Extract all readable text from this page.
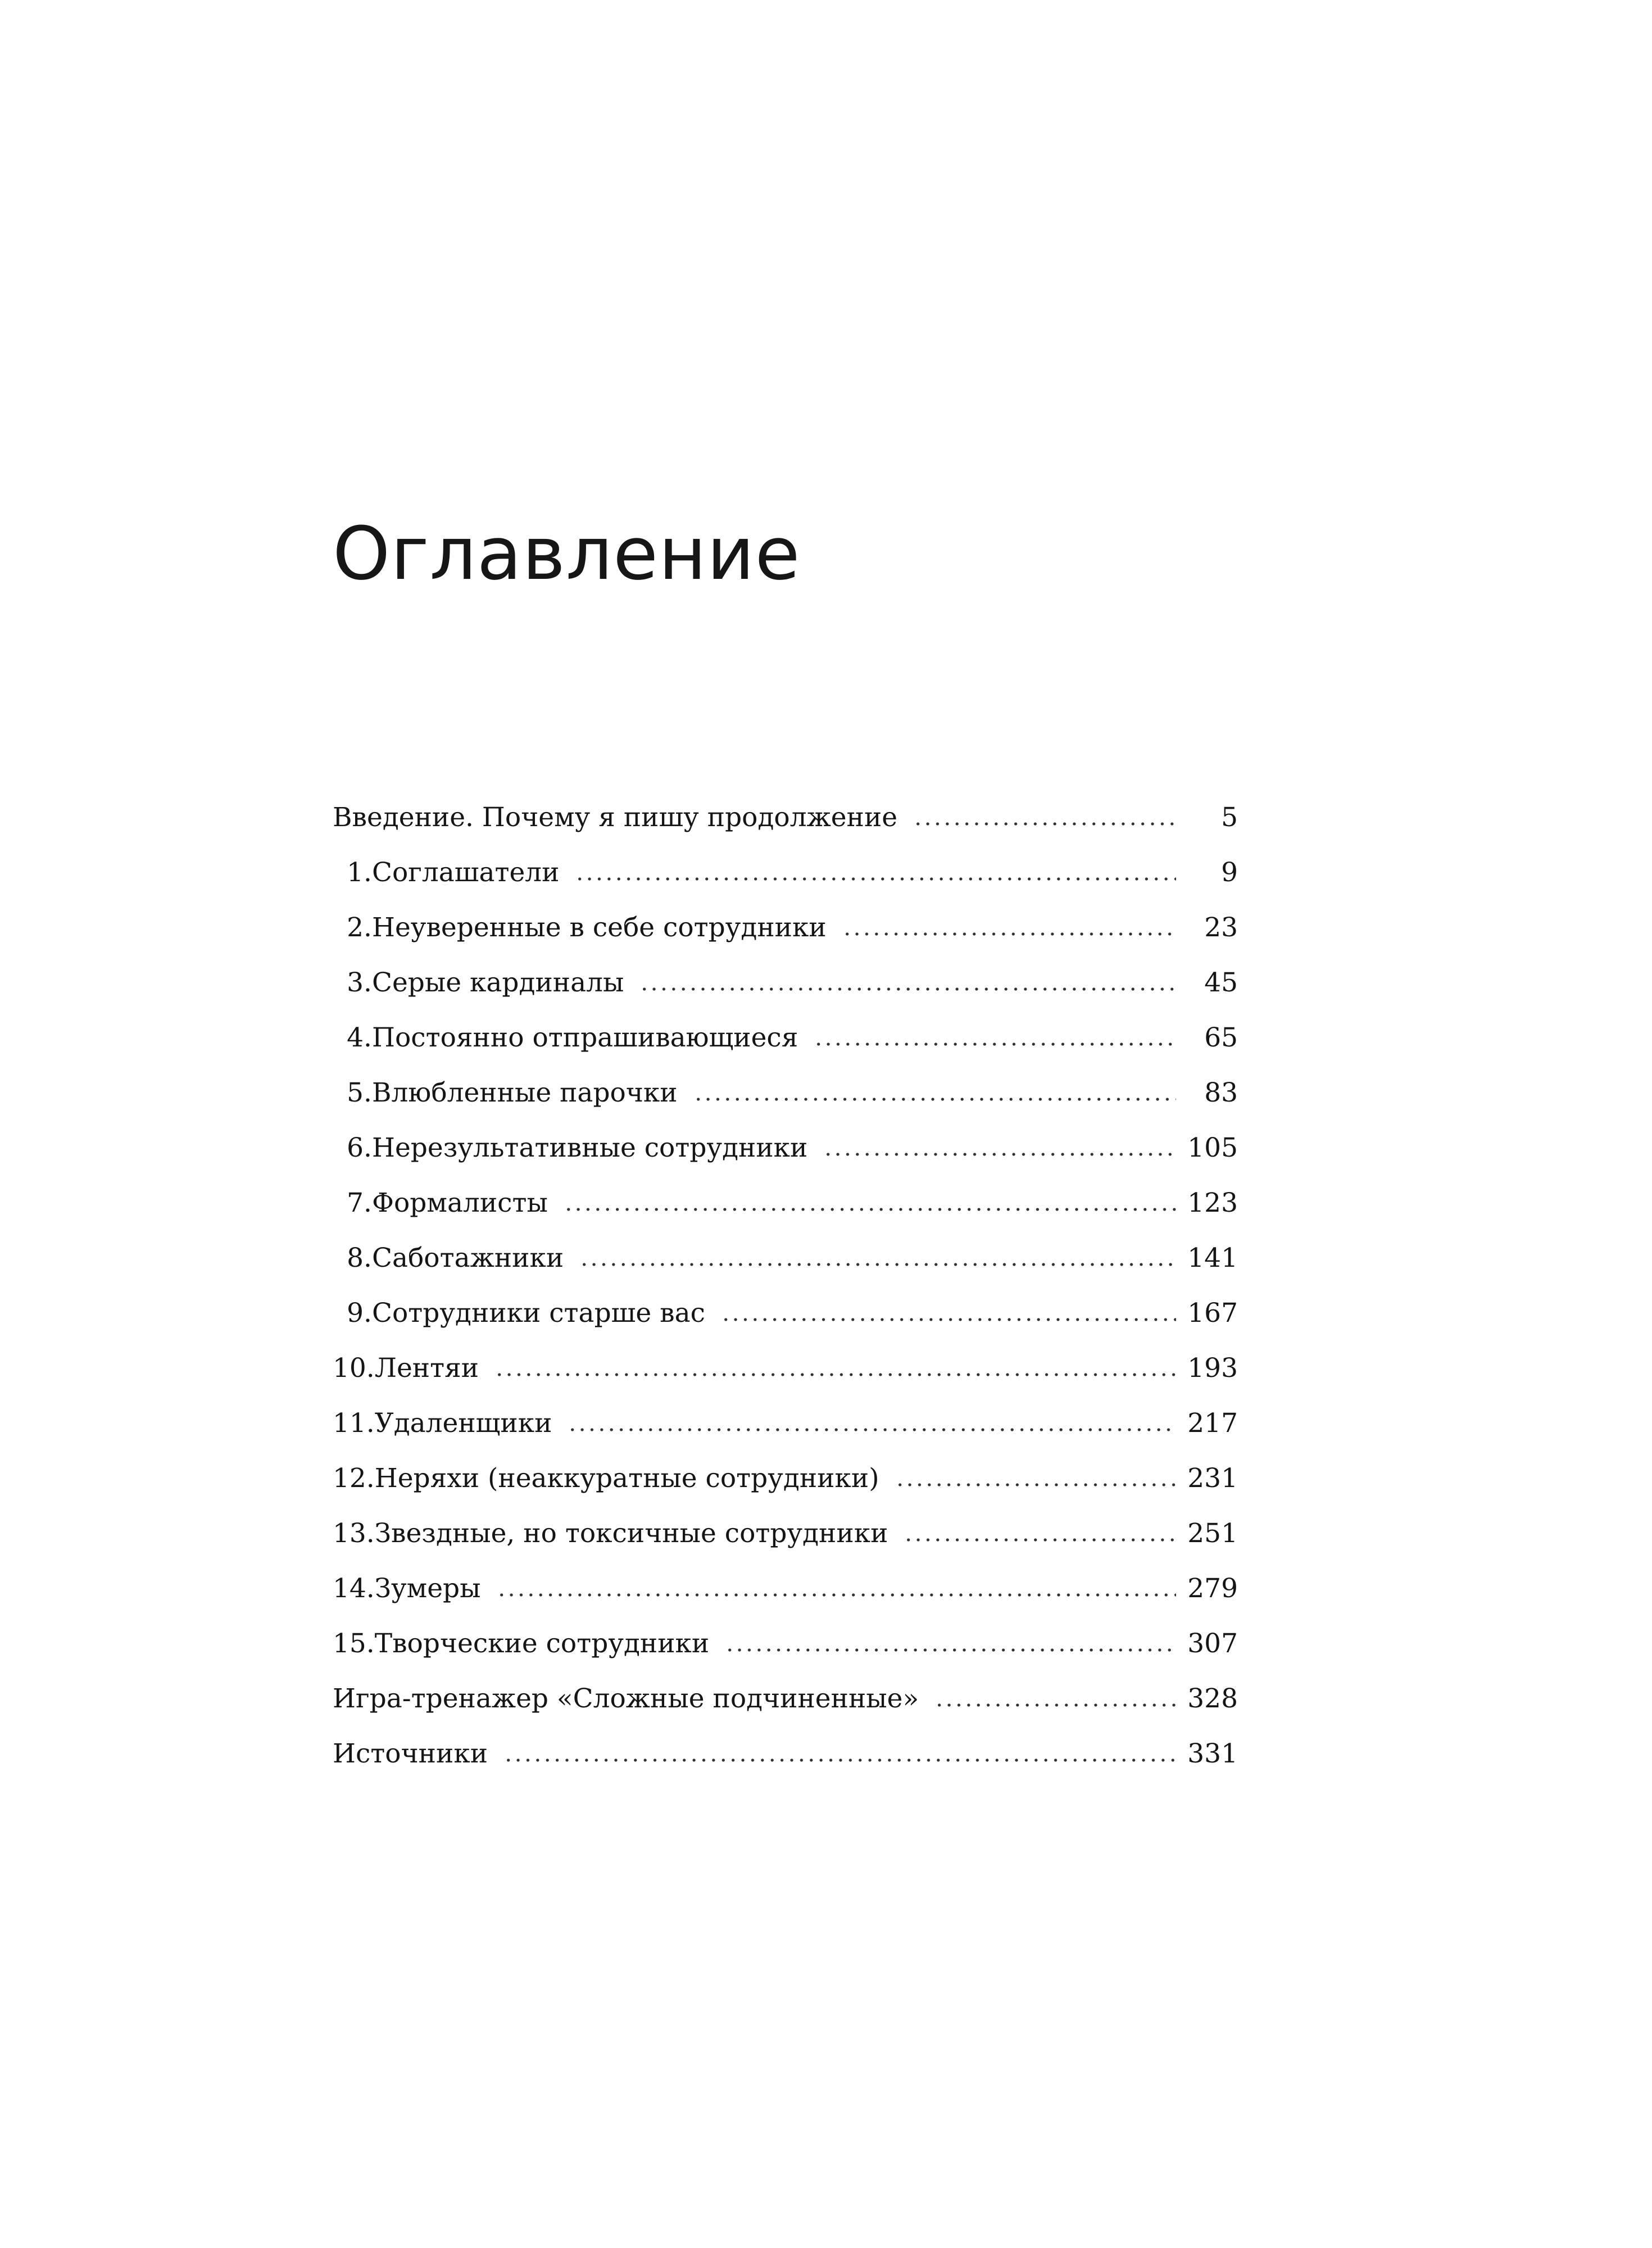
Оглавление
Введение. Почему я пишу продолжение	5
1. Соглашатели	9
2. Неуверенные в себе сотрудники	23
3. Серые кардиналы	45
4. Постоянно отпрашивающиеся	65
5. Влюбленные парочки	83
6. Нерезультативные сотрудники	105
7. Формалисты	123
8. Саботажники	141
9. Сотрудники старше вас	167
10. Лентяи	193
11. Удаленщики	217
12. Неряхи (неаккуратные сотрудники)	231
13. Звездные, но токсичные сотрудники	251
14. Зумеры	279
15. Творческие сотрудники	307
Игра-тренажер «Сложные подчиненные»	328
Источники	331
